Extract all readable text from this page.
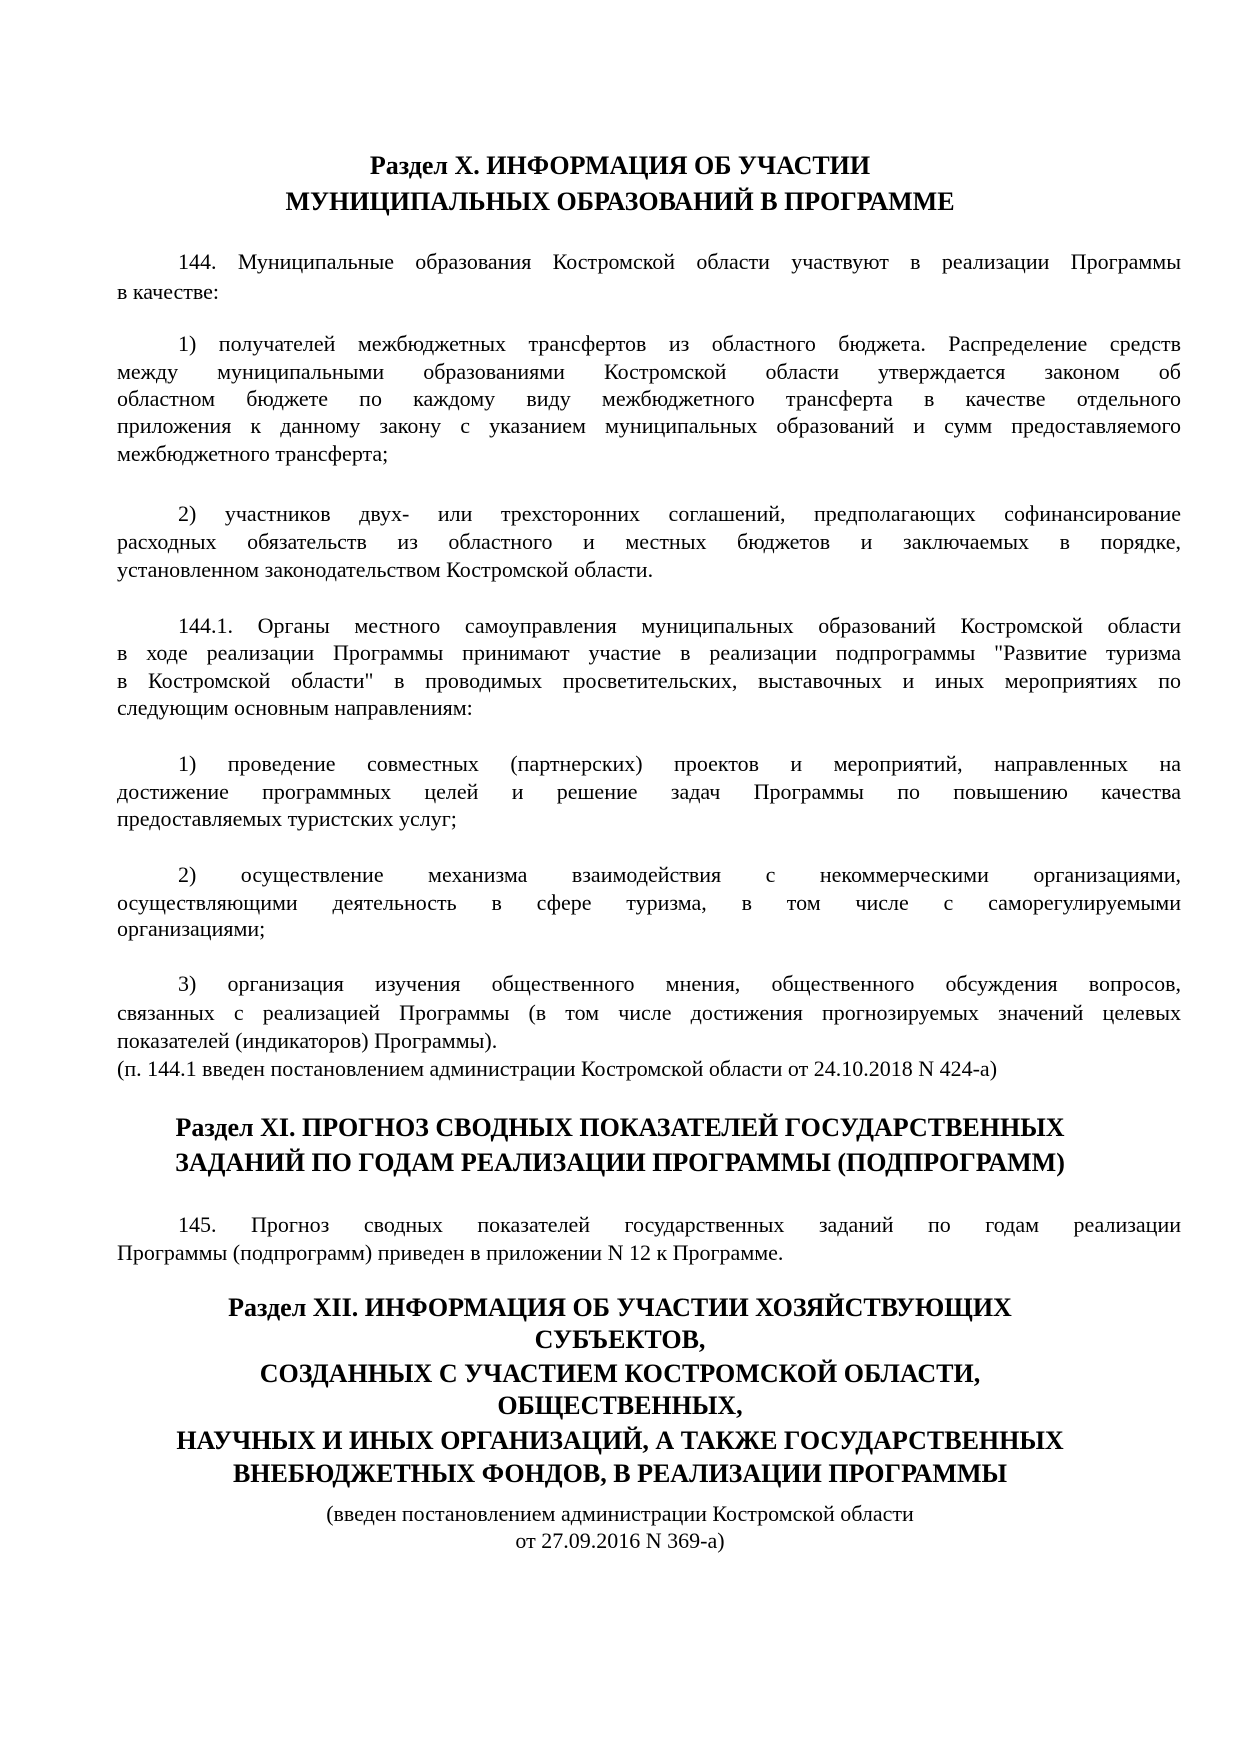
Раздел X. ИНФОРМАЦИЯ ОБ УЧАСТИИ
МУНИЦИПАЛЬНЫХ ОБРАЗОВАНИЙ В ПРОГРАММЕ
144. Муниципальные образования Костромской области участвуют в реализации Программы
в качестве:
1) получателей межбюджетных трансфертов из областного бюджета. Распределение средств
между муниципальными образованиями Костромской области утверждается законом об
областном бюджете по каждому виду межбюджетного трансферта в качестве отдельного
приложения к данному закону с указанием муниципальных образований и сумм предоставляемого
межбюджетного трансферта;
2) участников двух- или трехсторонних соглашений, предполагающих софинансирование
расходных обязательств из областного и местных бюджетов и заключаемых в порядке,
установленном законодательством Костромской области.
144.1. Органы местного самоуправления муниципальных образований Костромской области
в ходе реализации Программы принимают участие в реализации подпрограммы "Развитие туризма
в Костромской области" в проводимых просветительских, выставочных и иных мероприятиях по
следующим основным направлениям:
1) проведение совместных (партнерских) проектов и мероприятий, направленных на
достижение программных целей и решение задач Программы по повышению качества
предоставляемых туристских услуг;
2) осуществление механизма взаимодействия с некоммерческими организациями,
осуществляющими деятельность в сфере туризма, в том числе с саморегулируемыми
организациями;
3) организация изучения общественного мнения, общественного обсуждения вопросов,
связанных с реализацией Программы (в том числе достижения прогнозируемых значений целевых
показателей (индикаторов) Программы).
(п. 144.1 введен постановлением администрации Костромской области от 24.10.2018 N 424-а)
Раздел XI. ПРОГНОЗ СВОДНЫХ ПОКАЗАТЕЛЕЙ ГОСУДАРСТВЕННЫХ
ЗАДАНИЙ ПО ГОДАМ РЕАЛИЗАЦИИ ПРОГРАММЫ (ПОДПРОГРАММ)
145. Прогноз сводных показателей государственных заданий по годам реализации
Программы (подпрограмм) приведен в приложении N 12 к Программе.
Раздел XII. ИНФОРМАЦИЯ ОБ УЧАСТИИ ХОЗЯЙСТВУЮЩИХ
СУБЪЕКТОВ,
СОЗДАННЫХ С УЧАСТИЕМ КОСТРОМСКОЙ ОБЛАСТИ,
ОБЩЕСТВЕННЫХ,
НАУЧНЫХ И ИНЫХ ОРГАНИЗАЦИЙ, А ТАКЖЕ ГОСУДАРСТВЕННЫХ
ВНЕБЮДЖЕТНЫХ ФОНДОВ, В РЕАЛИЗАЦИИ ПРОГРАММЫ
(введен постановлением администрации Костромской области
от 27.09.2016 N 369-а)
